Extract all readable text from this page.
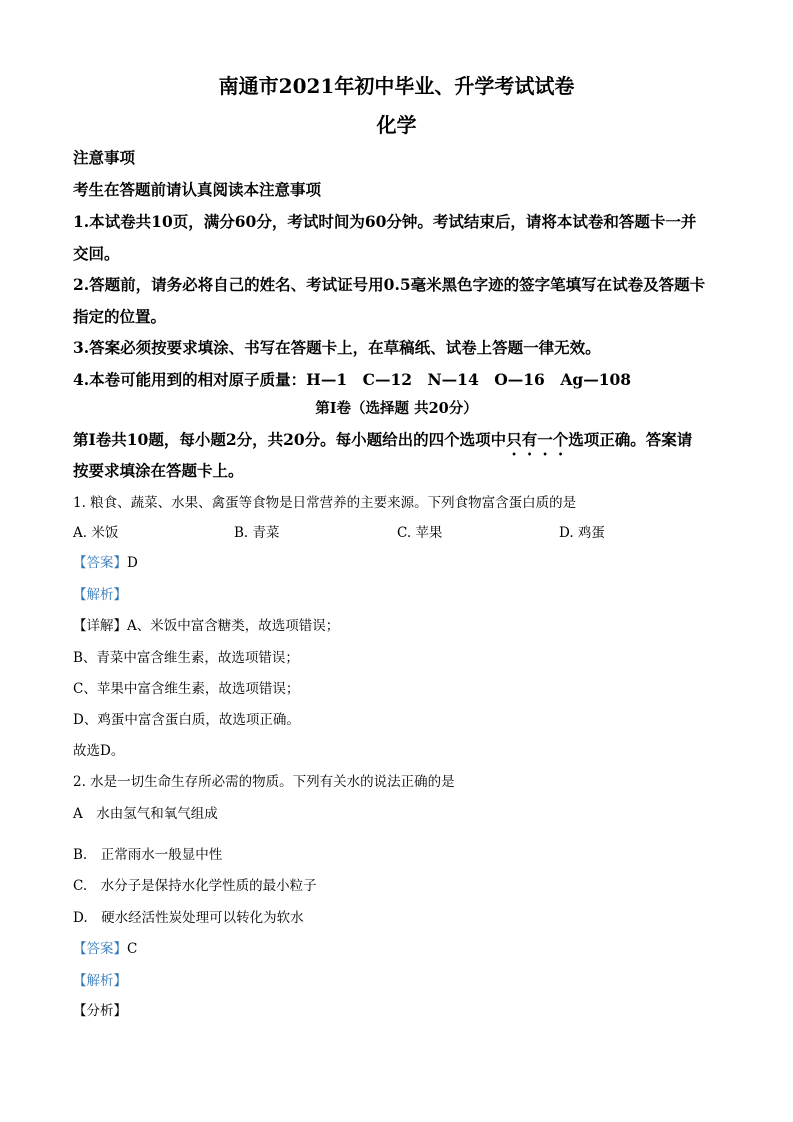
南通市2021年初中毕业、升学考试试卷
化学
注意事项
考生在答题前请认真阅读本注意事项
1.本试卷共10页，满分60分，考试时间为60分钟。考试结束后，请将本试卷和答题卡一并
交回。
2.答题前，请务必将自己的姓名、考试证号用0.5毫米黑色字迹的签字笔填写在试卷及答题卡
指定的位置。
3.答案必须按要求填涂、书写在答题卡上，在草稿纸、试卷上答题一律无效。
4.本卷可能用到的相对原子质量：H—1　C—12　N—14　O—16　Ag—108
第Ⅰ卷（选择题 共20分）
第Ⅰ卷共10题，每小题2分，共20分。每小题给出的四个选项中只有一个选项正确。答案请
按要求填涂在答题卡上。
1. 粮食、蔬菜、水果、禽蛋等食物是日常营养的主要来源。下列食物富含蛋白质的是
A. 米饭	B. 青菜	C. 苹果	D. 鸡蛋
【答案】D
【解析】
【详解】A、米饭中富含糖类，故选项错误；
B、青菜中富含维生素，故选项错误；
C、苹果中富含维生素，故选项错误；
D、鸡蛋中富含蛋白质，故选项正确。
故选D。
2. 水是一切生命生存所必需的物质。下列有关水的说法正确的是
A　水由氢气和氧气组成
B.　正常雨水一般显中性
C.　水分子是保持水化学性质的最小粒子
D.　硬水经活性炭处理可以转化为软水
【答案】C
【解析】
【分析】
